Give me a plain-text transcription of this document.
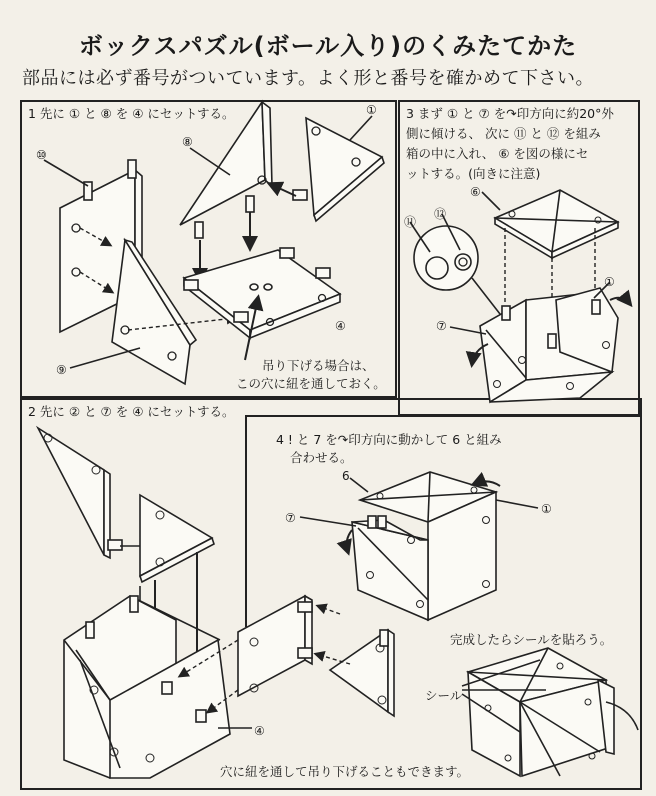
ボックスパズル(ボール入り)のくみたてかた
部品には必ず番号がついています。よく形と番号を確かめて下さい。
1 先に ① と ⑧ を ④ にセットする。
⑩
⑧
①
⑨
④
吊り下げる場合は、
この穴に紐を通しておく。
3 まず ① と ⑦ を↷印方向に約20°外
側に傾ける、 次に ⑪ と ⑫ を組み
箱の中に入れ、 ⑥ を図の様にセ
ットする。(向きに注意)
⑪
⑫
⑥
①
⑦
2 先に ② と ⑦ を ④ にセットする。
④
穴に紐を通して吊り下げることもできます。
4 ! と 7 を↷印方向に動かして 6 と組み
合わせる。
6
①
⑦
完成したらシールを貼ろう。
シール
